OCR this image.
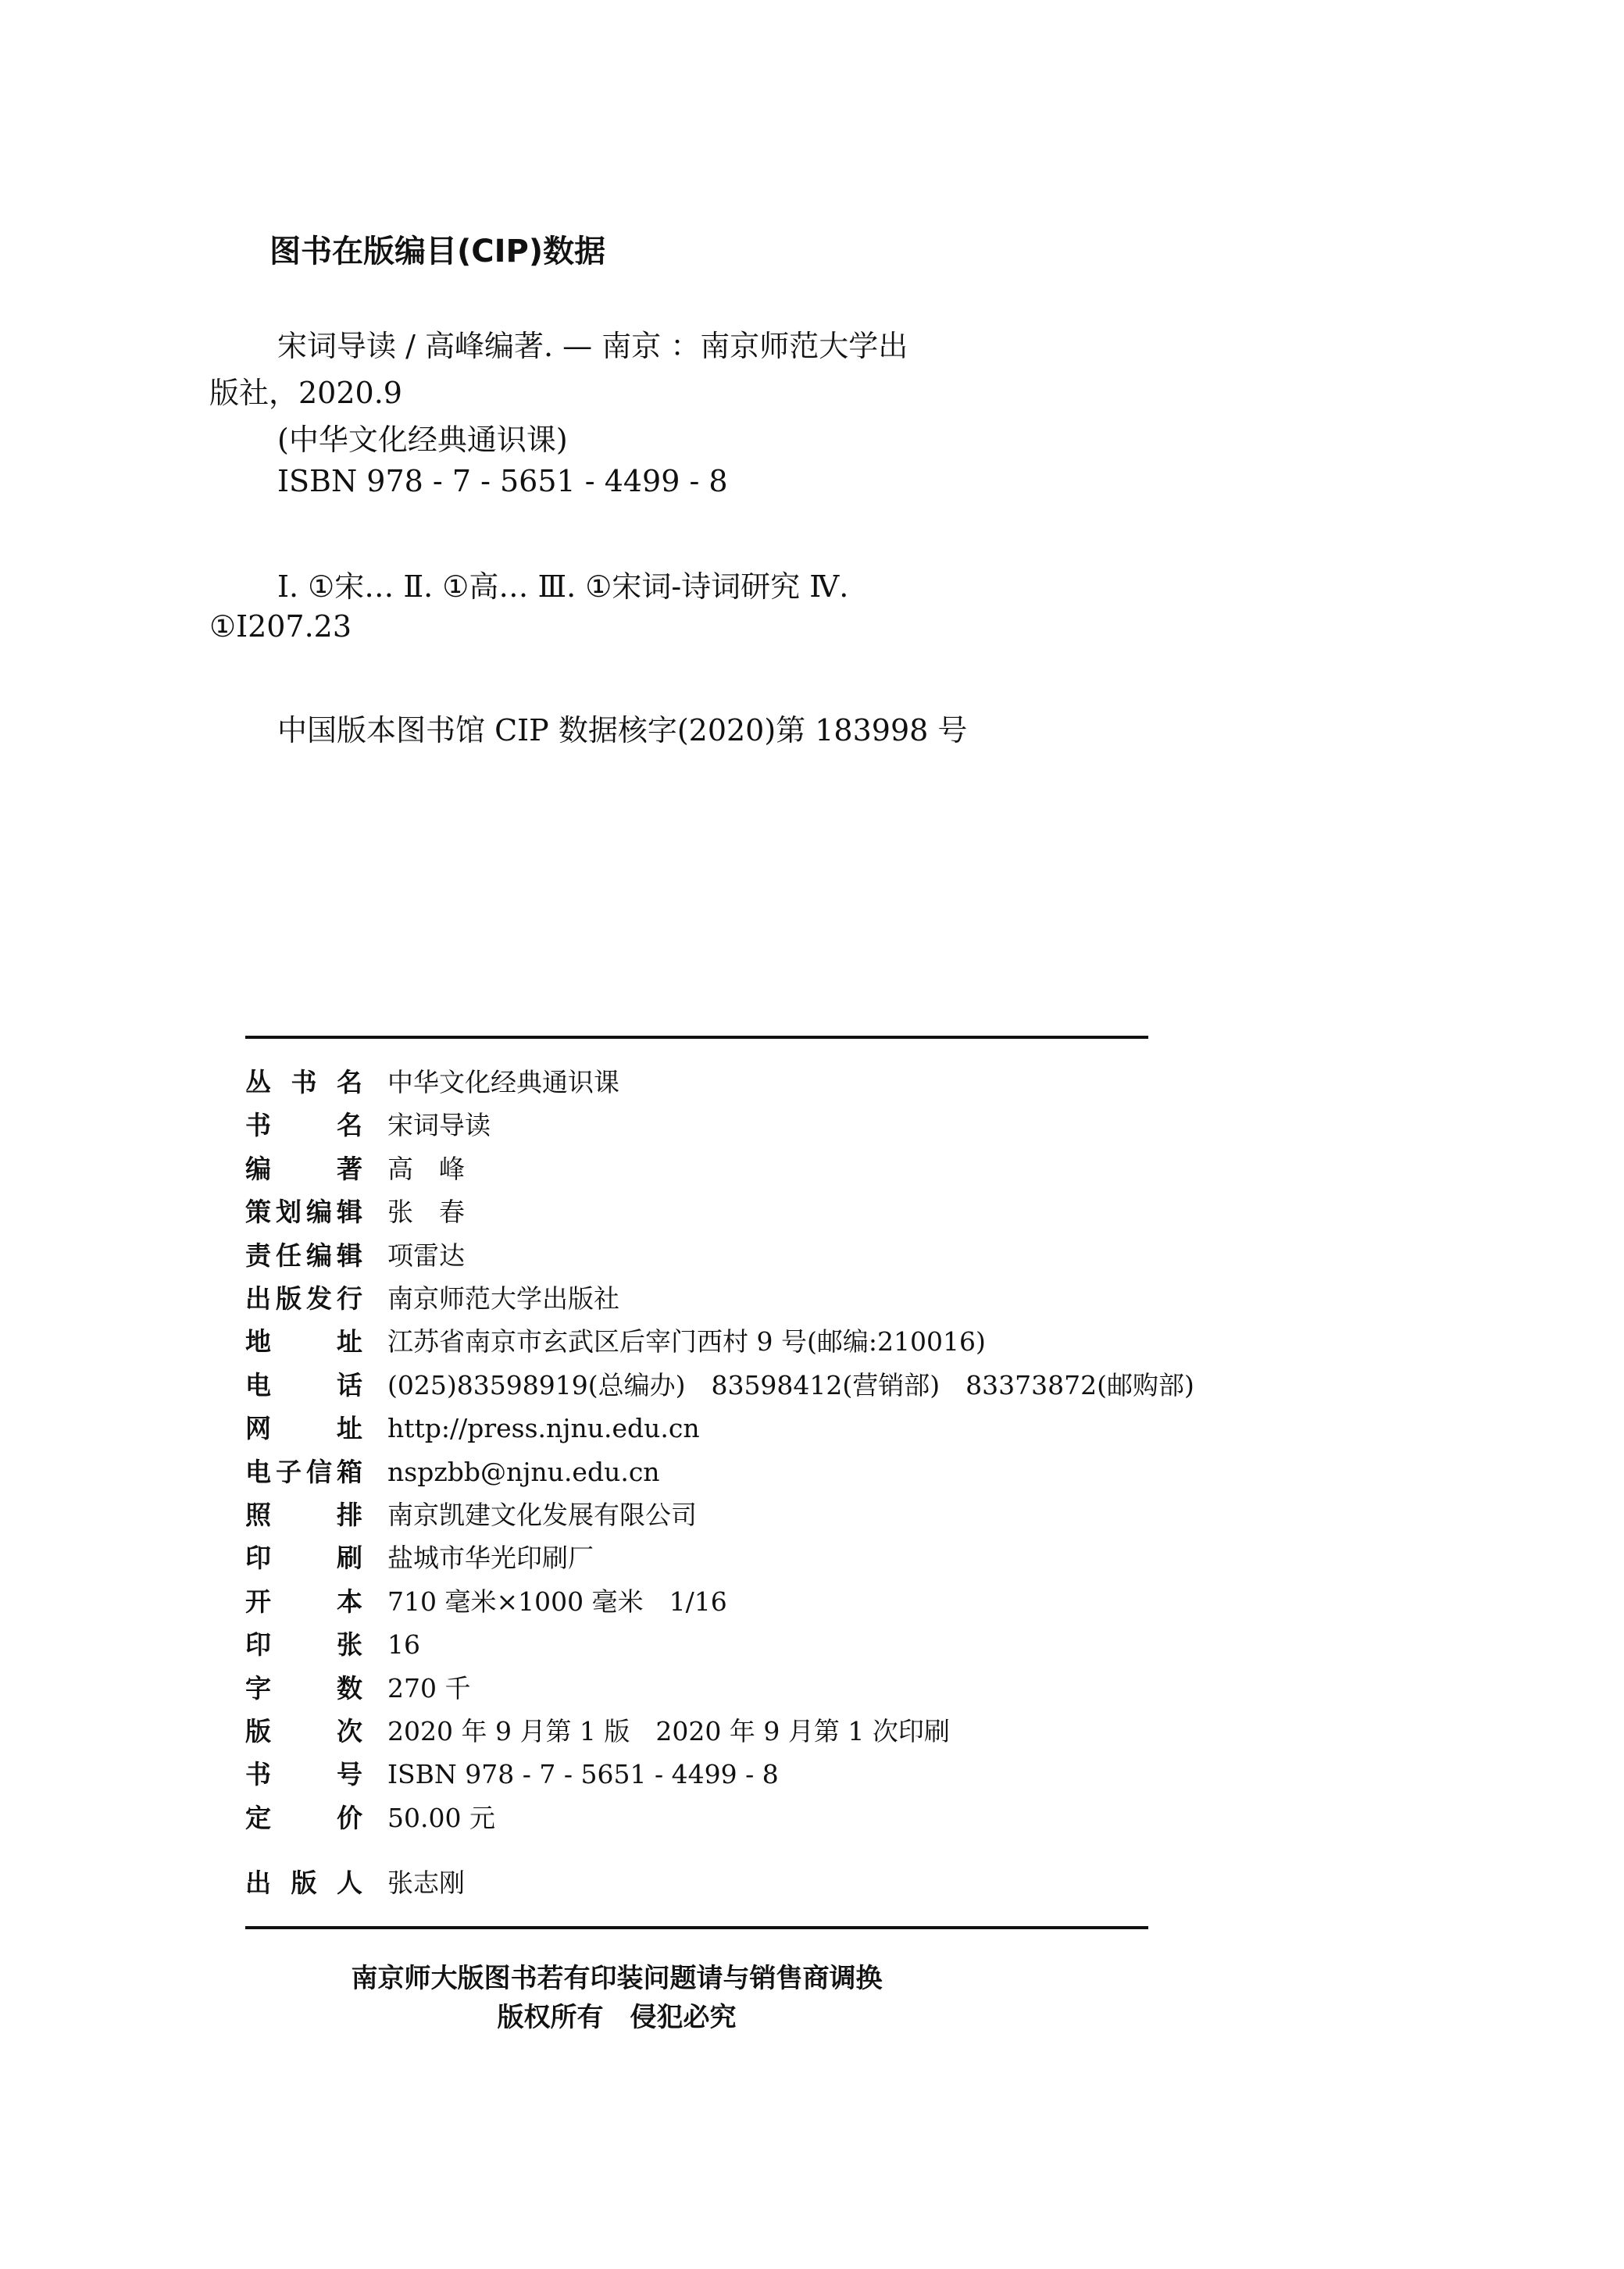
图书在版编目(CIP)数据
宋词导读 / 高峰编著. — 南京 ：南京师范大学出
版社，2020.9
(中华文化经典通识课)
ISBN 978 - 7 - 5651 - 4499 - 8
Ⅰ. ①宋… Ⅱ. ①高… Ⅲ. ①宋词-诗词研究 Ⅳ.
①I207.23
中国版本图书馆 CIP 数据核字(2020)第 183998 号
丛书名 中华文化经典通识课
书名 宋词导读
编著 高　峰
策划编辑 张　春
责任编辑 项雷达
出版发行 南京师范大学出版社
地址 江苏省南京市玄武区后宰门西村 9 号(邮编:210016)
电话 (025)83598919(总编办)　83598412(营销部)　83373872(邮购部)
网址 http://press.njnu.edu.cn
电子信箱 nspzbb@njnu.edu.cn
照排 南京凯建文化发展有限公司
印刷 盐城市华光印刷厂
开本 710 毫米×1000 毫米　1/16
印张 16
字数 270 千
版次 2020 年 9 月第 1 版　2020 年 9 月第 1 次印刷
书号 ISBN 978 - 7 - 5651 - 4499 - 8
定价 50.00 元
出版人 张志刚
南京师大版图书若有印装问题请与销售商调换
版权所有　侵犯必究
